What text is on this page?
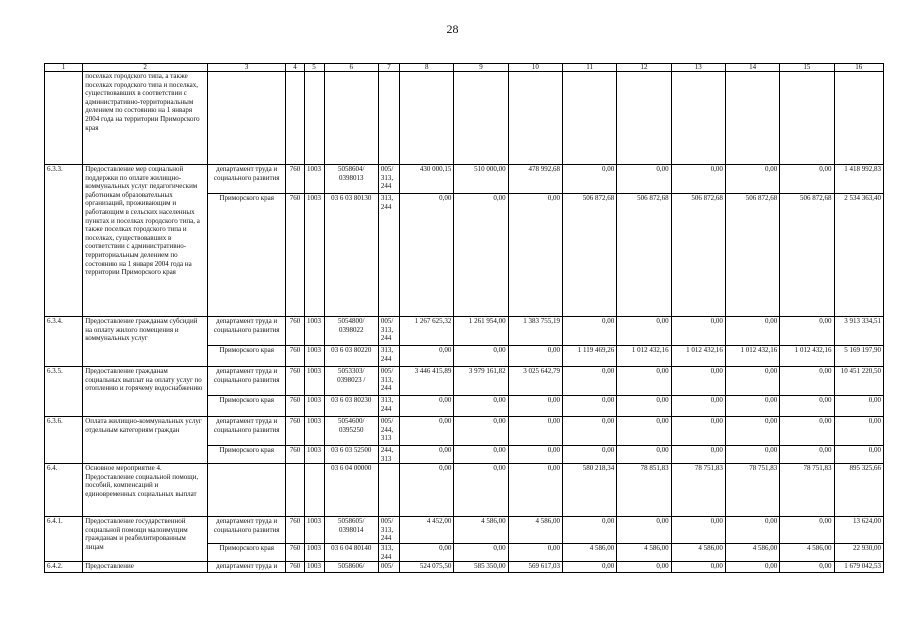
28
1	2	3	4	5	6	7	8	9	10	11	12	13	14	15	16
	поселках городского типа, а также поселках городского типа и поселках, существовавших в соответствии с административно-территориальным делением по состоянию на 1 января 2004 года на территории Приморского края														
6.3.3.	Предоставление мер социальной поддержки по оплате жилищно-коммунальных услуг педагогическим работникам образовательных организаций, проживающим и работающим в сельских населенных пунктах и поселках городского типа, а также поселках городского типа и поселках, существовавших в соответствии с административно-территориальным делением по состоянию на 1 января 2004 года на территории Приморского края	департамент труда и социального развития	760	1003	5058604/ 0398013	005/ 313, 244	430 000,15	510 000,00	478 992,68	0,00	0,00	0,00	0,00	0,00	1 418 992,83
		Приморского края	760	1003	03 6 03 80130	313, 244	0,00	0,00	0,00	506 872,68	506 872,68	506 872,68	506 872,68	506 872,68	2 534 363,40
6.3.4.	Предоставление гражданам субсидий на оплату жилого помещения и коммунальных услуг	департамент труда и социального развития	760	1003	5054800/ 0398022	005/ 313, 244	1 267 625,32	1 261 954,00	1 383 755,19	0,00	0,00	0,00	0,00	0,00	3 913 334,51
		Приморского края	760	1003	03 6 03 80220	313, 244	0,00	0,00	0,00	1 119 469,26	1 012 432,16	1 012 432,16	1 012 432,16	1 012 432,16	5 169 197,90
6.3.5.	Предоставление гражданам социальных выплат на оплату услуг по отоплению и горячему водоснабжению	департамент труда и социального развития	760	1003	5053303/ 0398023 /	005/ 313, 244	3 446 415,89	3 979 161,82	3 025 642,79	0,00	0,00	0,00	0,00	0,00	10 451 220,50
		Приморского края	760	1003	03 6 03 80230	313, 244	0,00	0,00	0,00	0,00	0,00	0,00	0,00	0,00	0,00
6.3.6.	Оплата жилищно-коммунальных услуг отдельным категориям граждан	департамент труда и социального развития	760	1003	5054600/ 0395250	005/ 244, 313	0,00	0,00	0,00	0,00	0,00	0,00	0,00	0,00	0,00
		Приморского края	760	1003	03 6 03 52500	244, 313	0,00	0,00	0,00	0,00	0,00	0,00	0,00	0,00	0,00
6.4.	Основное мероприятие 4. Предоставление социальной помощи, пособий, компенсаций и единовременных социальных выплат				03 6 04 00000		0,00	0,00	0,00	580 218,34	78 851,83	78 751,83	78 751,83	78 751,83	895 325,66
6.4.1.	Предоставление государственной социальной помощи малоимущим гражданам и реабилитированным лицам	департамент труда и социального развития	760	1003	5058605/ 0398014	005/ 313, 244	4 452,00	4 586,00	4 586,00	0,00	0,00	0,00	0,00	0,00	13 624,00
		Приморского края	760	1003	03 6 04 80140	313, 244	0,00	0,00	0,00	4 586,00	4 586,00	4 586,00	4 586,00	4 586,00	22 930,00
6.4.2.	Предоставление	департамент труда и	760	1003	5058606/	005/	524 075,50	585 350,00	569 617,03	0,00	0,00	0,00	0,00	0,00	1 679 042,53
